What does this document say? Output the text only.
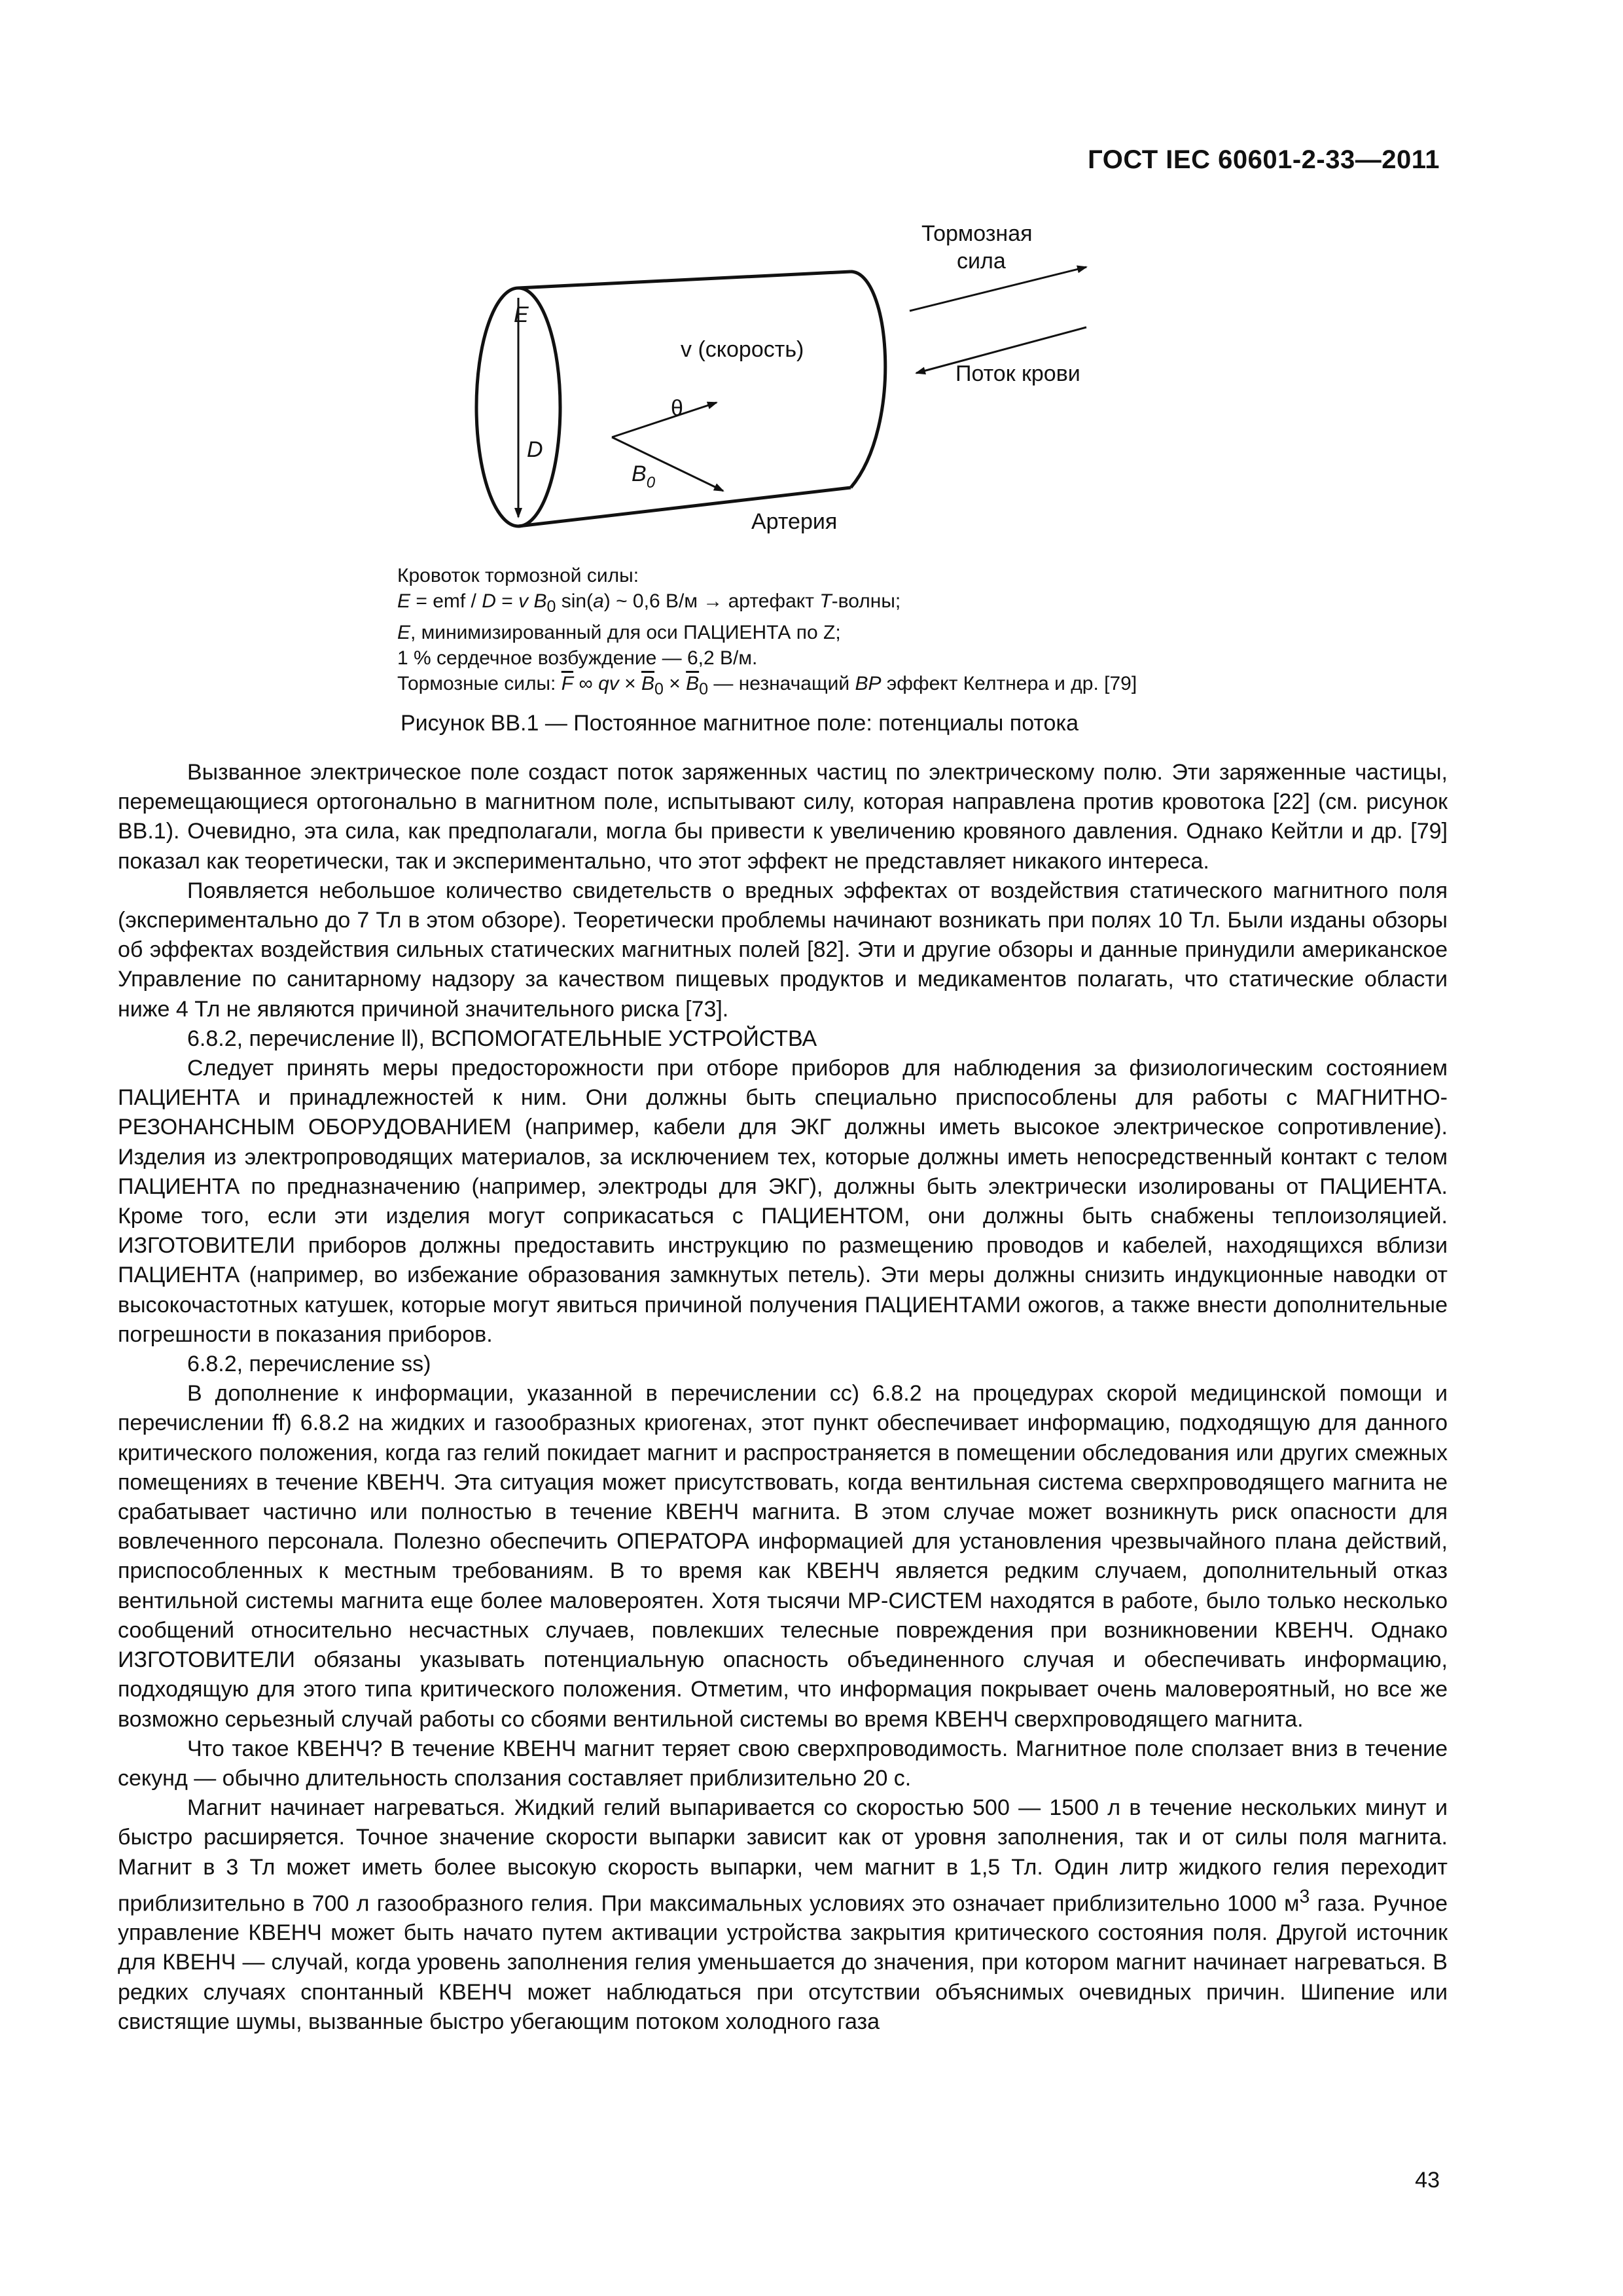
ГОСТ IEC 60601-2-33—2011
E
D
v (скорость)
θ
$B_0$
Артерия
Тормозная
сила
Поток крови
Кровоток тормозной силы:
E = emf / D = v $B_0$ sin(a) ~ 0,6 В/м → артефакт T-волны;
E, минимизированный для оси ПАЦИЕНТА по Z;
1 % сердечное возбуждение — 6,2 В/м.
Тормозные силы: $\overline{F}$ ∞ qv × $\overline{B}_0 \times \overline{B}_0$ — незначащий BP эффект Келтнера и др. [79]
Рисунок BB.1 — Постоянное магнитное поле: потенциалы потока

Вызванное электрическое поле создаст поток заряженных частиц по электрическому полю. Эти заряженные частицы, перемещающиеся ортогонально в магнитном поле, испытывают силу, которая направлена против кровотока [22] (см. рисунок BB.1). Очевидно, эта сила, как предполагали, могла бы привести к увеличению кровяного давления. Однако Кейтли и др. [79] показал как теоретически, так и экспериментально, что этот эффект не представляет никакого интереса.

Появляется небольшое количество свидетельств о вредных эффектах от воздействия статического магнитного поля (экспериментально до 7 Тл в этом обзоре). Теоретически проблемы начинают возникать при полях 10 Тл. Были изданы обзоры об эффектах воздействия сильных статических магнитных полей [82]. Эти и другие обзоры и данные принудили американское Управление по санитарному надзору за качеством пищевых продуктов и медикаментов полагать, что статические области ниже 4 Тл не являются причиной значительного риска [73].

6.8.2, перечисление ll), ВСПОМОГАТЕЛЬНЫЕ УСТРОЙСТВА

Следует принять меры предосторожности при отборе приборов для наблюдения за физиологическим состоянием ПАЦИЕНТА и принадлежностей к ним. Они должны быть специально приспособлены для работы с МАГНИТНО-РЕЗОНАНСНЫМ ОБОРУДОВАНИЕМ (например, кабели для ЭКГ должны иметь высокое электрическое сопротивление). Изделия из электропроводящих материалов, за исключением тех, которые должны иметь непосредственный контакт с телом ПАЦИЕНТА по предназначению (например, электроды для ЭКГ), должны быть электрически изолированы от ПАЦИЕНТА. Кроме того, если эти изделия могут соприкасаться с ПАЦИЕНТОМ, они должны быть снабжены теплоизоляцией. ИЗГОТОВИТЕЛИ приборов должны предоставить инструкцию по размещению проводов и кабелей, находящихся вблизи ПАЦИЕНТА (например, во избежание образования замкнутых петель). Эти меры должны снизить индукционные наводки от высокочастотных катушек, которые могут явиться причиной получения ПАЦИЕНТАМИ ожогов, а также внести дополнительные погрешности в показания приборов.

6.8.2, перечисление ss)

В дополнение к информации, указанной в перечислении cc) 6.8.2 на процедурах скорой медицинской помощи и перечислении ff) 6.8.2 на жидких и газообразных криогенах, этот пункт обеспечивает информацию, подходящую для данного критического положения, когда газ гелий покидает магнит и распространяется в помещении обследования или других смежных помещениях в течение КВЕНЧ. Эта ситуация может присутствовать, когда вентильная система сверхпроводящего магнита не срабатывает частично или полностью в течение КВЕНЧ магнита. В этом случае может возникнуть риск опасности для вовлеченного персонала. Полезно обеспечить ОПЕРАТОРА информацией для установления чрезвычайного плана действий, приспособленных к местным требованиям. В то время как КВЕНЧ является редким случаем, дополнительный отказ вентильной системы магнита еще более маловероятен. Хотя тысячи МР-СИСТЕМ находятся в работе, было только несколько сообщений относительно несчастных случаев, повлекших телесные повреждения при возникновении КВЕНЧ. Однако ИЗГОТОВИТЕЛИ обязаны указывать потенциальную опасность объединенного случая и обеспечивать информацию, подходящую для этого типа критического положения. Отметим, что информация покрывает очень маловероятный, но все же возможно серьезный случай работы со сбоями вентильной системы во время КВЕНЧ сверхпроводящего магнита.

Что такое КВЕНЧ? В течение КВЕНЧ магнит теряет свою сверхпроводимость. Магнитное поле сползает вниз в течение секунд — обычно длительность сползания составляет приблизительно 20 с.

Магнит начинает нагреваться. Жидкий гелий выпаривается со скоростью 500 — 1500 л в течение нескольких минут и быстро расширяется. Точное значение скорости выпарки зависит как от уровня заполнения, так и от силы поля магнита. Магнит в 3 Тл может иметь более высокую скорость выпарки, чем магнит в 1,5 Тл. Один литр жидкого гелия переходит приблизительно в 700 л газообразного гелия. При максимальных условиях это означает приблизительно 1000 $м^3$ газа. Ручное управление КВЕНЧ может быть начато путем активации устройства закрытия критического состояния поля. Другой источник для КВЕНЧ — случай, когда уровень заполнения гелия уменьшается до значения, при котором магнит начинает нагреваться. В редких случаях спонтанный КВЕНЧ может наблюдаться при отсутствии объяснимых очевидных причин. Шипение или свистящие шумы, вызванные быстро убегающим потоком холодного газа

43
